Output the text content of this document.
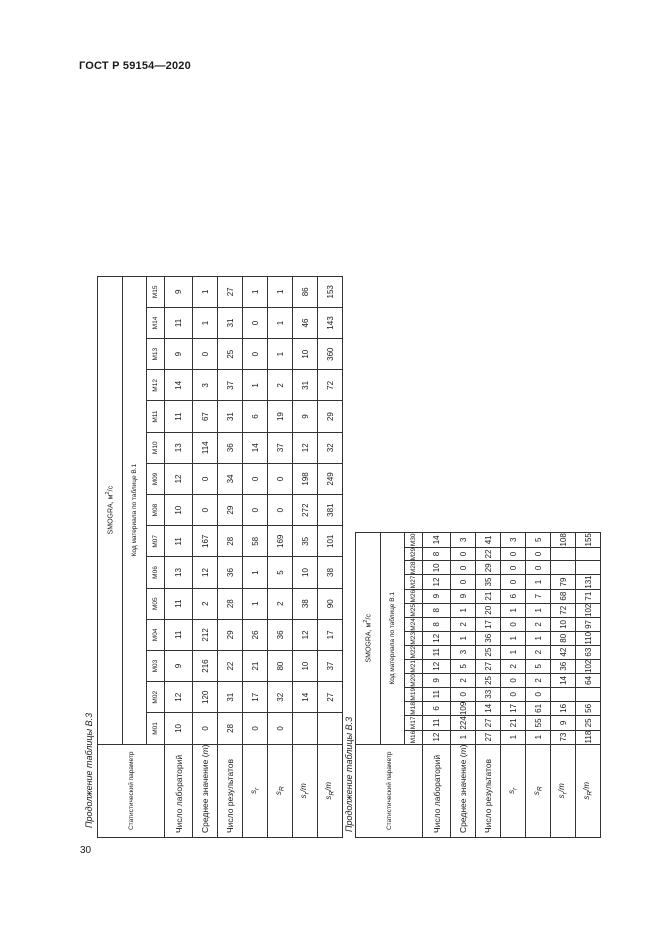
ГОСТ Р 59154—2020
Продолжение таблицы В.3	Статистический параметр	SMOGRA, $м^2/с$														
	Код материала по таблице В.1														
	M01	M02	M03	M04	M05	M06	M07	M08	M09	M10	M11	M12	M13	M14	M15
Число лабораторий	10	12	9	11	11	13	11	10	12	13	11	14	9	11	9
Среднее значение (m)	0	120	216	212	2	12	167	0	0	114	67	3	0	1	1
Число результатов	28	31	22	29	28	36	28	29	34	36	31	37	25	31	27
$s_r$	0	17	21	26	1	1	58	0	0	14	6	1	0	0	1
$s_R$	0	32	80	36	2	5	169	0	0	37	19	2	1	1	1
$s_r/m$		14	10	12	38	10	35	272	198	12	9	31	10	46	86
$s_R/m$		27	37	17	90	38	101	381	249	32	29	72	360	143	153
Продолжение таблицы В.3	Статистический параметр	SMOGRA, $м^2/с$														
	Код материала по таблице В.1														
	M16	M17	M18	M19	M20	M21	M22	M23	M24	M25	M26	M27	M28	M29	M30
Число лабораторий	12	11	6	11	9	12	11	12	8	8	9	12	10	8	14
Среднее значение (m)	1	224	109	0	2	5	3	1	2	1	9	0	0	0	3
Число результатов	27	27	14	33	25	27	25	36	17	20	21	35	29	22	41
$s_r$	1	21	17	0	0	2	1	1	0	1	6	0	0	0	3
$s_R$	1	55	61	0	2	5	2	1	2	1	7	1	0	0	5
$s_r/m$	73	9	16		14	36	42	80	10	72	68	79			108
$s_R/m$	118	25	56		64	102	63	110	97	102	71	131			155
30
